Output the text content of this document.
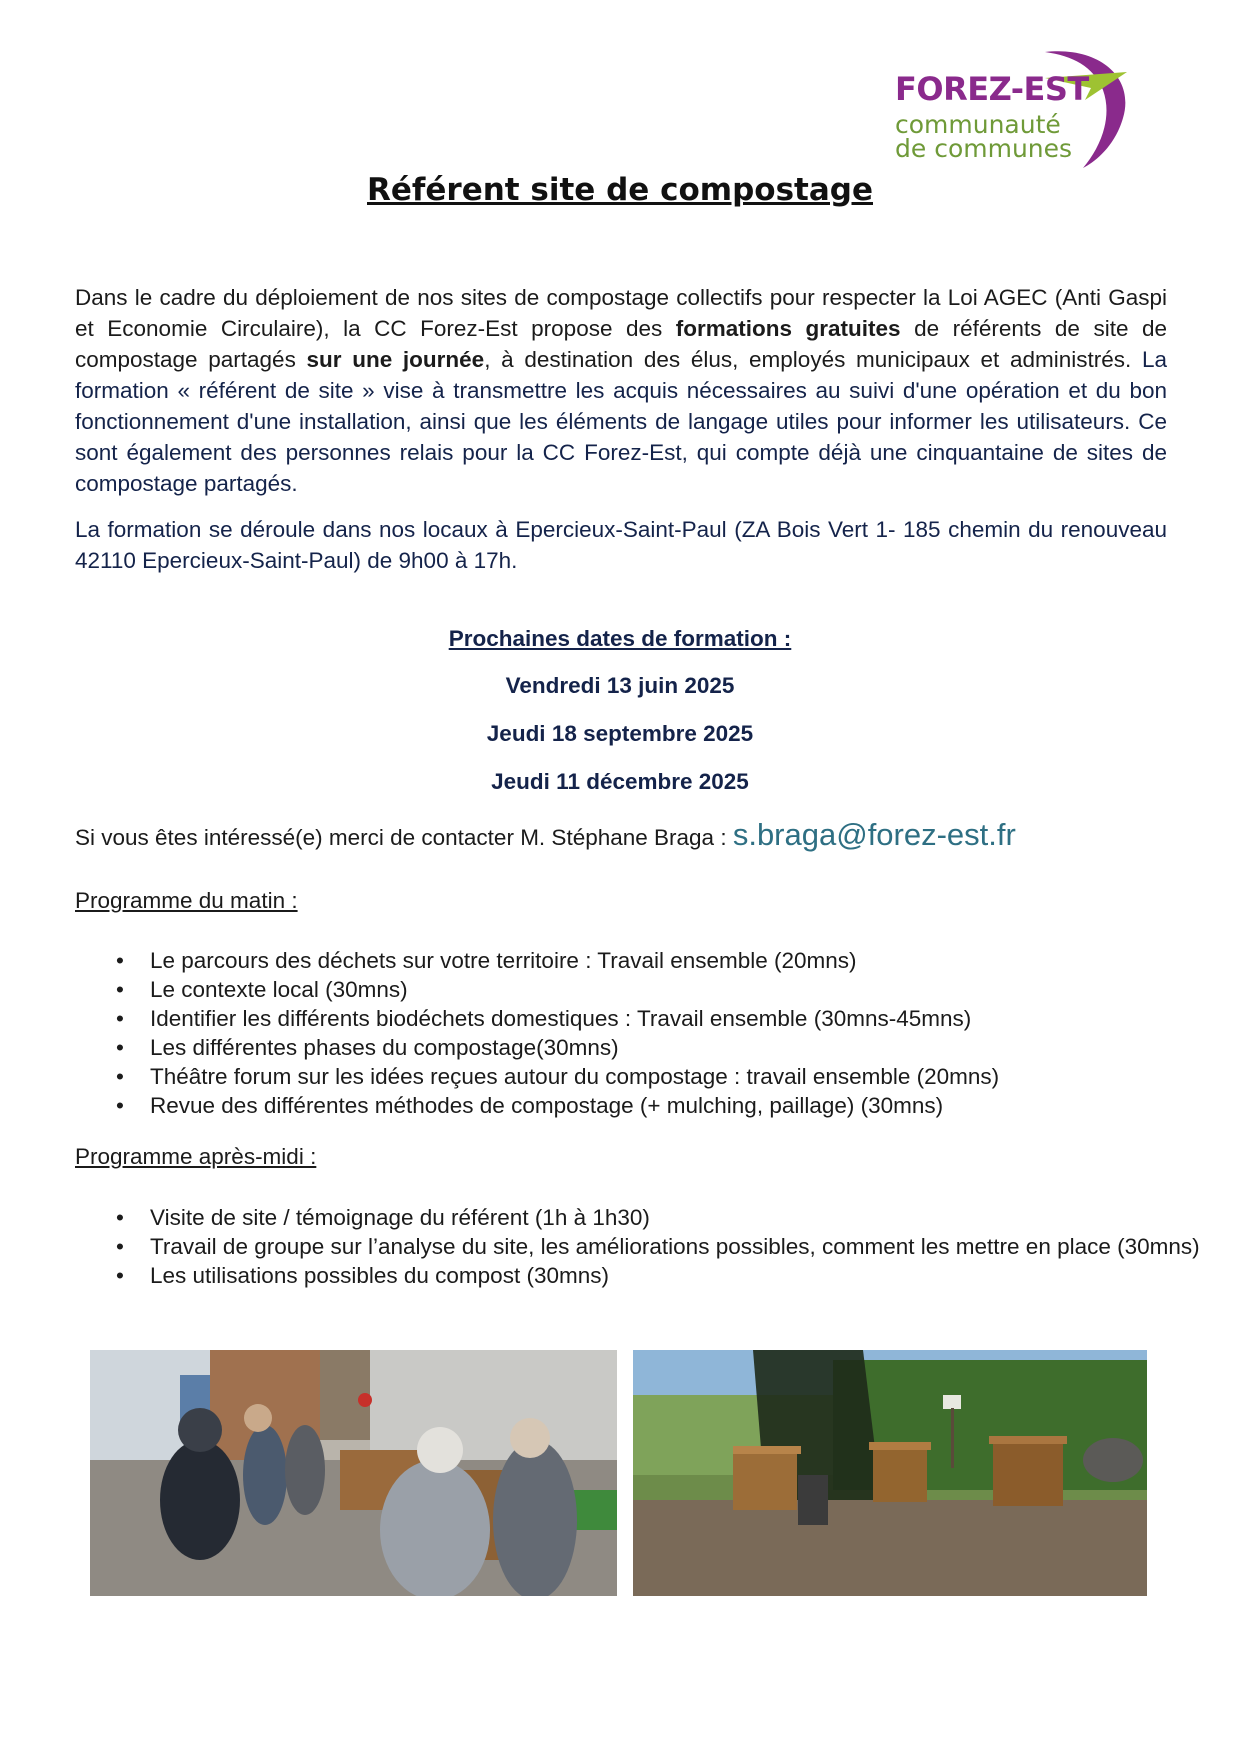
FOREZ-EST
communauté
de communes
Référent site de compostage
Dans le cadre du déploiement de nos sites de compostage collectifs pour respecter la Loi AGEC (Anti Gaspi et Economie Circulaire), la CC Forez-Est propose des formations gratuites de référents de site de compostage partagés sur une journée, à destination des élus, employés municipaux et administrés. La formation « référent de site » vise à transmettre les acquis nécessaires au suivi d'une opération et du bon fonctionnement d'une installation, ainsi que les éléments de langage utiles pour informer les utilisateurs. Ce sont également des personnes relais pour la CC Forez-Est, qui compte déjà une cinquantaine de sites de compostage partagés.
La formation se déroule dans nos locaux à Epercieux-Saint-Paul (ZA Bois Vert 1- 185 chemin du renouveau 42110 Epercieux-Saint-Paul) de 9h00 à 17h.
Prochaines dates de formation :
Vendredi 13 juin 2025
Jeudi 18 septembre 2025
Jeudi 11 décembre 2025
Si vous êtes intéressé(e) merci de contacter M. Stéphane Braga : s.braga@forez-est.fr
Programme du matin :
• Le parcours des déchets sur votre territoire : Travail ensemble (20mns)
• Le contexte local (30mns)
• Identifier les différents biodéchets domestiques : Travail ensemble (30mns-45mns)
• Les différentes phases du compostage(30mns)
• Théâtre forum sur les idées reçues autour du compostage : travail ensemble (20mns)
• Revue des différentes méthodes de compostage (+ mulching, paillage) (30mns)
Programme après-midi :
• Visite de site / témoignage du référent (1h à 1h30)
• Travail de groupe sur l’analyse du site, les améliorations possibles, comment les mettre en place (30mns)
• Les utilisations possibles du compost (30mns)
